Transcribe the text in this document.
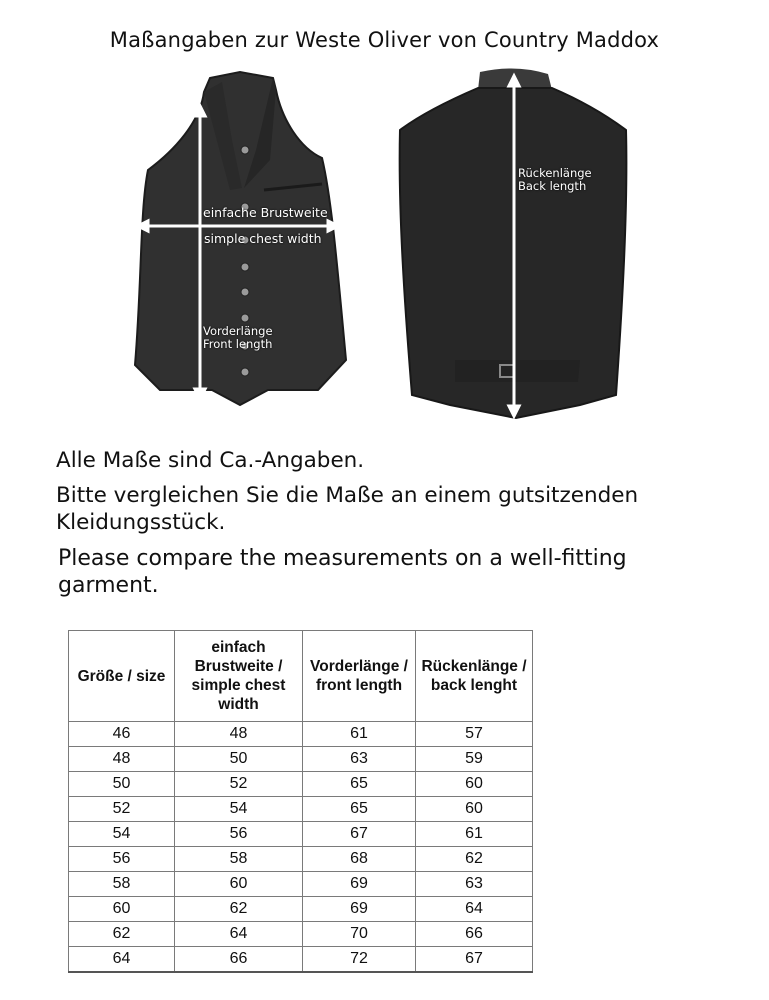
Maßangaben zur Weste Oliver von Country Maddox
einfache Brustweite
simple chest width
Vorderlänge
Front length
Rückenlänge
Back length
Alle Maße sind Ca.-Angaben.
Bitte vergleichen Sie die Maße an einem gutsitzenden Kleidungsstück.
Please compare the measurements on a well-fitting garment.
Größe / size	einfach Brustweite / simple chest width	Vorderlänge / front length	Rückenlänge / back lenght
46	48	61	57
48	50	63	59
50	52	65	60
52	54	65	60
54	56	67	61
56	58	68	62
58	60	69	63
60	62	69	64
62	64	70	66
64	66	72	67
